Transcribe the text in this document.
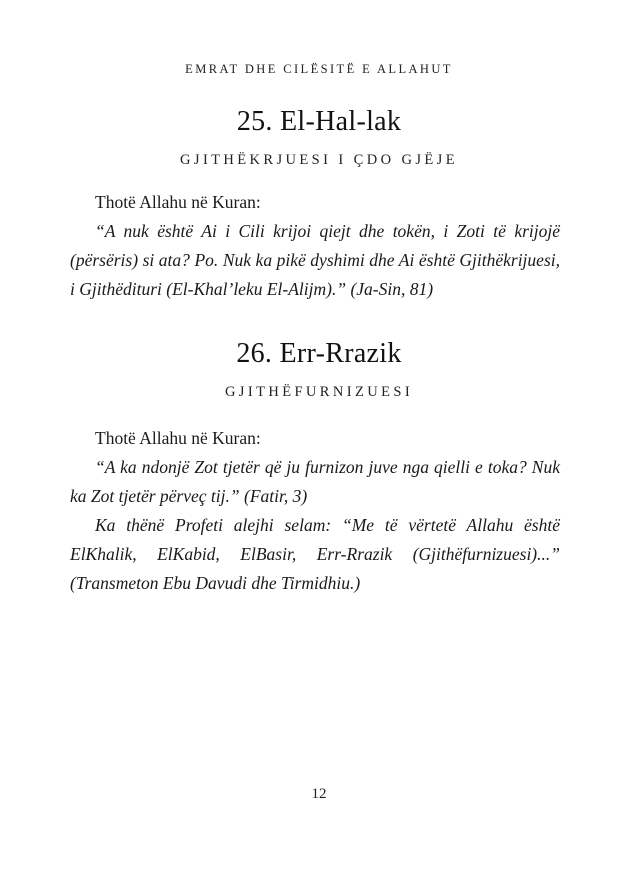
EMRAT DHE CILËSITË E ALLAHUT
25. El-Hal-lak
GJITHËKRJUESI I ÇDO GJËJE

Thotë Allahu në Kuran:

“A nuk është Ai i Cili krijoi qiejt dhe tokën, i Zoti të krijojë (përsëris) si ata? Po. Nuk ka pikë dyshimi dhe Ai është Gjithëkrijuesi, i Gjithëdituri (El-Khal’leku El-Alijm).” (Ja-Sin, 81)

26. Err-Rrazik
GJITHËFURNIZUESI

Thotë Allahu në Kuran:

“A ka ndonjë Zot tjetër që ju furnizon juve nga qielli e toka? Nuk ka Zot tjetër përveç tij.” (Fatir, 3)

Ka thënë Profeti alejhi selam: “Me të vërtetë Allahu është ElKhalik, ElKabid, ElBasir, Err-Rrazik (Gjithëfurnizuesi)...” (Transmeton Ebu Davudi dhe Tirmidhiu.)

12
